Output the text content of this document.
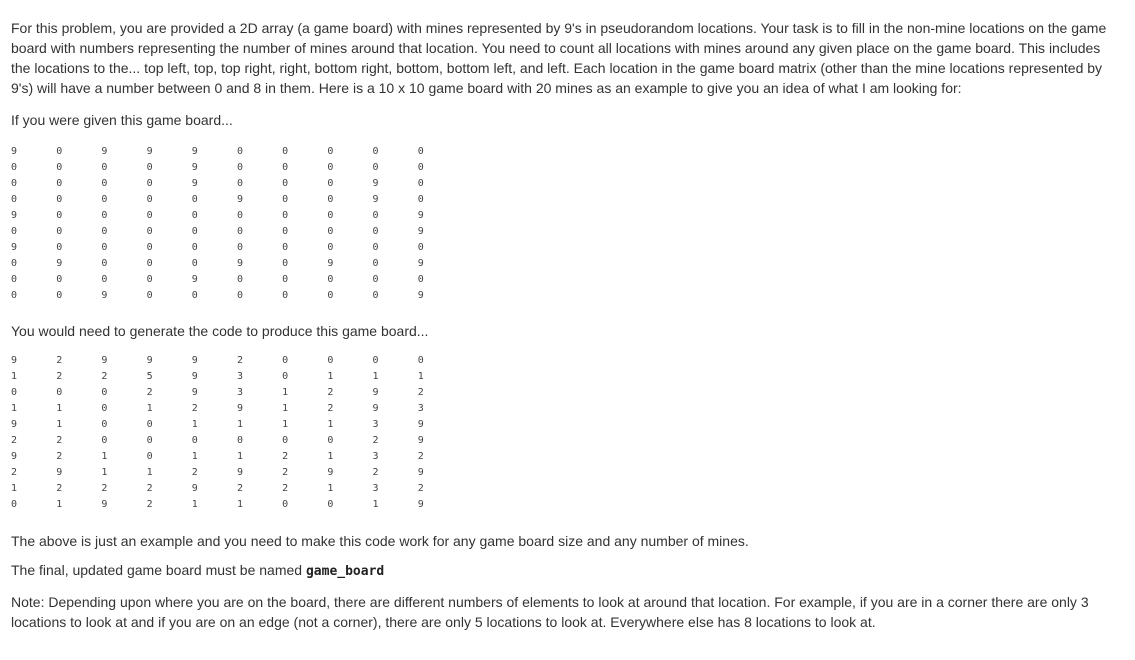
For this problem, you are provided a 2D array (a game board) with mines represented by 9's in pseudorandom locations. Your task is to fill in the non-mine locations on the game board with numbers representing the number of mines around that location. You need to count all locations with mines around any given place on the game board. This includes the locations to the... top left, top, top right, right, bottom right, bottom, bottom left, and left. Each location in the game board matrix (other than the mine locations represented by 9's) will have a number between 0 and 8 in them. Here is a 10 x 10 game board with 20 mines as an example to give you an idea of what I am looking for:

If you were given this game board...

9	0	9	9	9	0	0	0	0	0
0	0	0	0	9	0	0	0	0	0
0	0	0	0	9	0	0	0	9	0
0	0	0	0	0	9	0	0	9	0
9	0	0	0	0	0	0	0	0	9
0	0	0	0	0	0	0	0	0	9
9	0	0	0	0	0	0	0	0	0
0	9	0	0	0	9	0	9	0	9
0	0	0	0	9	0	0	0	0	0
0	0	9	0	0	0	0	0	0	9

You would need to generate the code to produce this game board...

9	2	9	9	9	2	0	0	0	0
1	2	2	5	9	3	0	1	1	1
0	0	0	2	9	3	1	2	9	2
1	1	0	1	2	9	1	2	9	3
9	1	0	0	1	1	1	1	3	9
2	2	0	0	0	0	0	0	2	9
9	2	1	0	1	1	2	1	3	2
2	9	1	1	2	9	2	9	2	9
1	2	2	2	9	2	2	1	3	2
0	1	9	2	1	1	0	0	1	9

The above is just an example and you need to make this code work for any game board size and any number of mines.

The final, updated game board must be named game_board

Note: Depending upon where you are on the board, there are different numbers of elements to look at around that location. For example, if you are in a corner there are only 3 locations to look at and if you are on an edge (not a corner), there are only 5 locations to look at. Everywhere else has 8 locations to look at.
